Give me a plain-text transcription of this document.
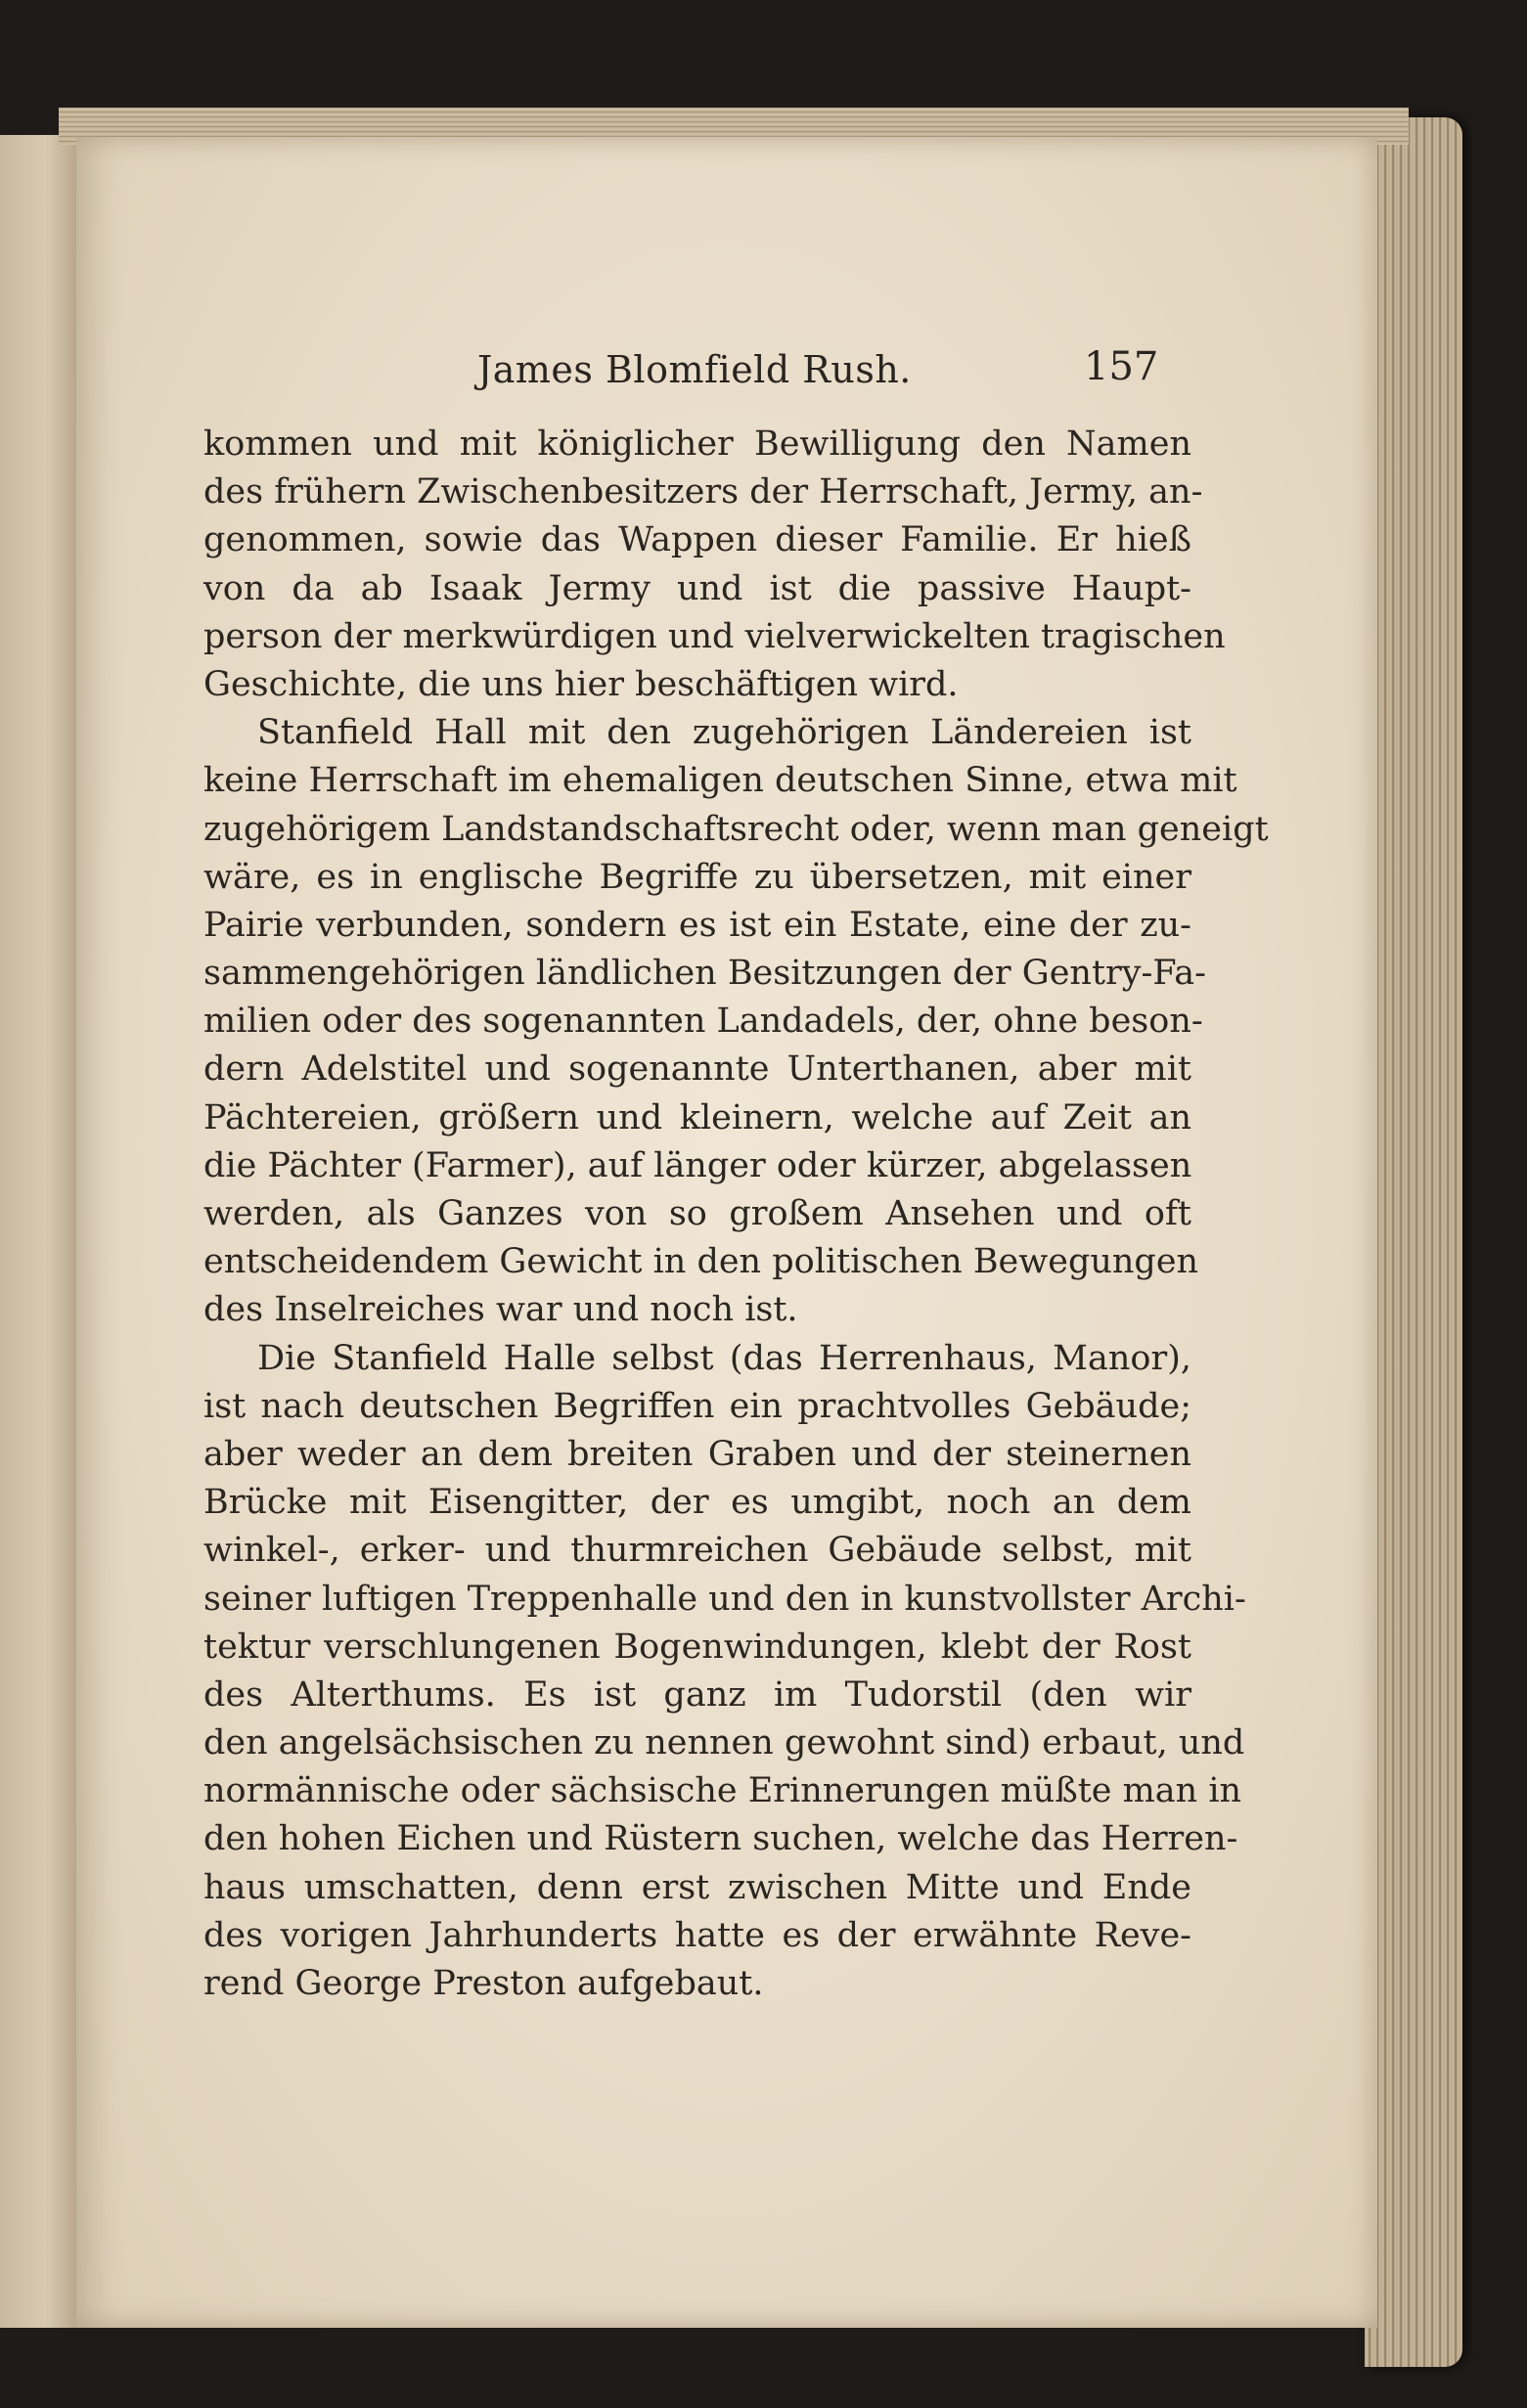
James Blomfield Rush.	157
kommen und mit königlicher Bewilligung den Namen
des frühern Zwischenbesitzers der Herrschaft, Jermy, an-
genommen, sowie das Wappen dieser Familie. Er hieß
von da ab Isaak Jermy und ist die passive Haupt-
person der merkwürdigen und vielverwickelten tragischen
Geschichte, die uns hier beschäftigen wird.
Stanfield Hall mit den zugehörigen Ländereien ist
keine Herrschaft im ehemaligen deutschen Sinne, etwa mit
zugehörigem Landstandschaftsrecht oder, wenn man geneigt
wäre, es in englische Begriffe zu übersetzen, mit einer
Pairie verbunden, sondern es ist ein Estate, eine der zu-
sammengehörigen ländlichen Besitzungen der Gentry-Fa-
milien oder des sogenannten Landadels, der, ohne beson-
dern Adelstitel und sogenannte Unterthanen, aber mit
Pächtereien, größern und kleinern, welche auf Zeit an
die Pächter (Farmer), auf länger oder kürzer, abgelassen
werden, als Ganzes von so großem Ansehen und oft
entscheidendem Gewicht in den politischen Bewegungen
des Inselreiches war und noch ist.
Die Stanfield Halle selbst (das Herrenhaus, Manor),
ist nach deutschen Begriffen ein prachtvolles Gebäude;
aber weder an dem breiten Graben und der steinernen
Brücke mit Eisengitter, der es umgibt, noch an dem
winkel-, erker- und thurmreichen Gebäude selbst, mit
seiner luftigen Treppenhalle und den in kunstvollster Archi-
tektur verschlungenen Bogenwindungen, klebt der Rost
des Alterthums. Es ist ganz im Tudorstil (den wir
den angelsächsischen zu nennen gewohnt sind) erbaut, und
normännische oder sächsische Erinnerungen müßte man in
den hohen Eichen und Rüstern suchen, welche das Herren-
haus umschatten, denn erst zwischen Mitte und Ende
des vorigen Jahrhunderts hatte es der erwähnte Reve-
rend George Preston aufgebaut.
